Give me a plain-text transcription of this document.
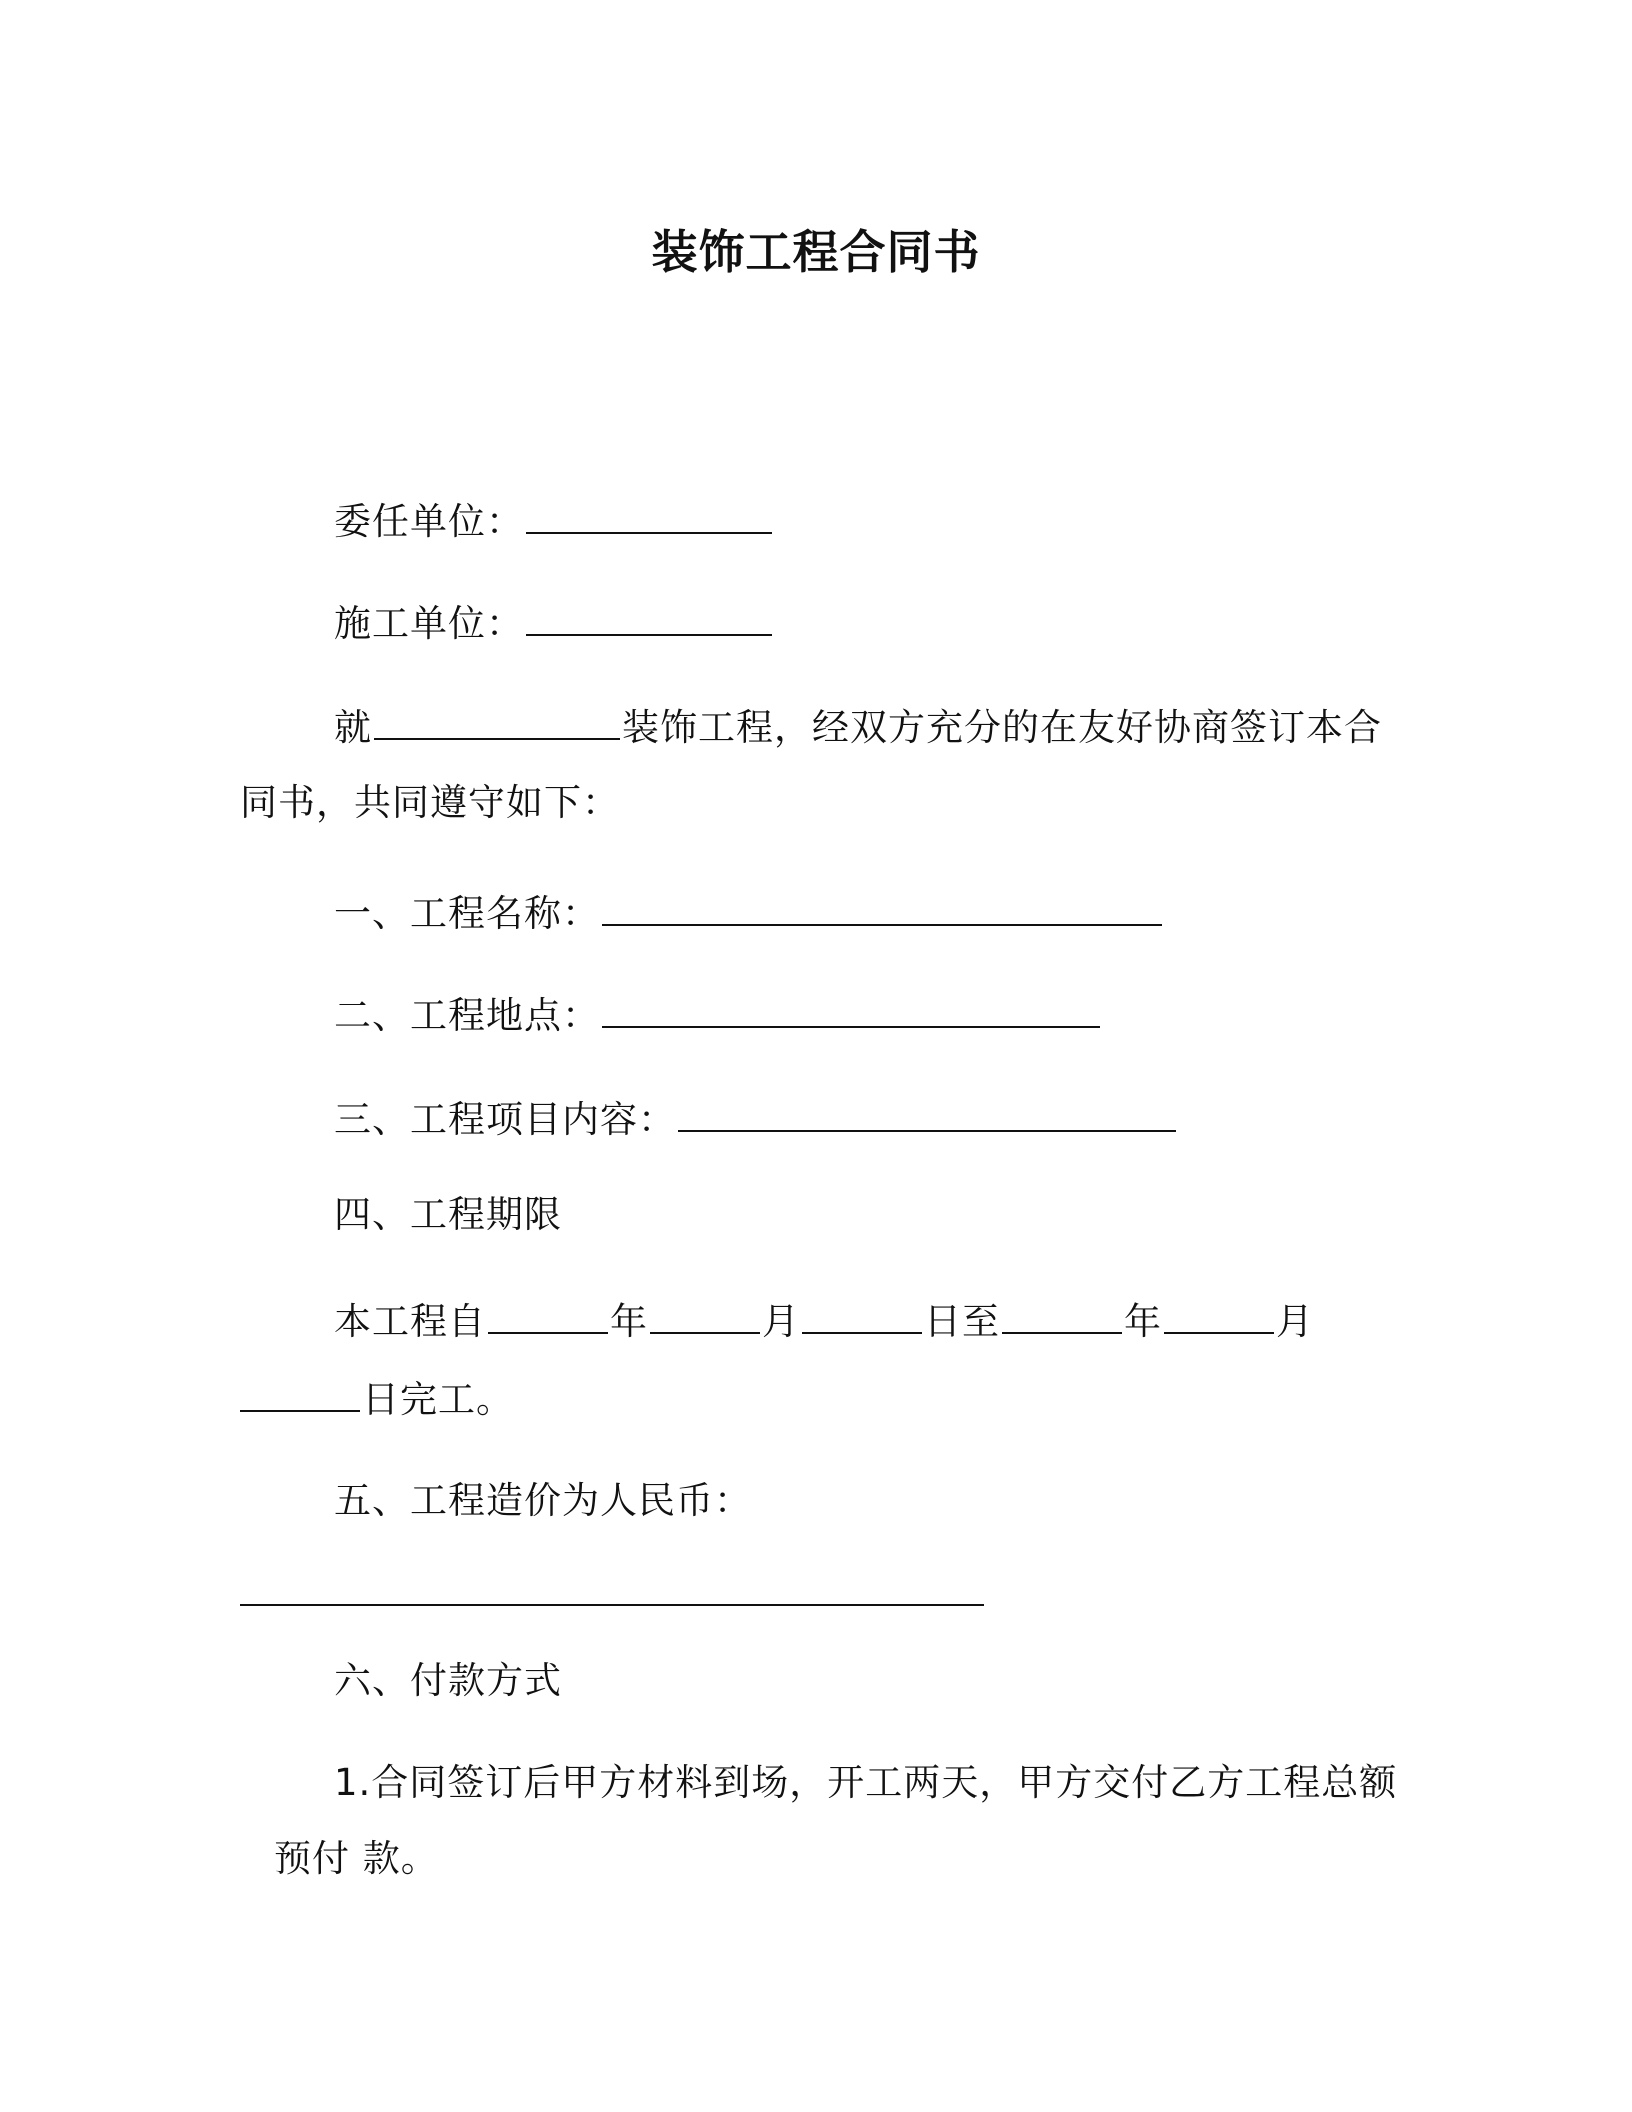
装饰工程合同书
委任单位：
施工单位：
就	装饰工程，经双方充分的在友好协商签订本合
同书，共同遵守如下：
一、工程名称：
二、工程地点：
三、工程项目内容：
四、工程期限
本工程自	年	月	日至	年	月
日完工。
五、工程造价为人民币：
六、付款方式
1.合同签订后甲方材料到场，开工两天，甲方交付乙方工程总额
预付 款。
